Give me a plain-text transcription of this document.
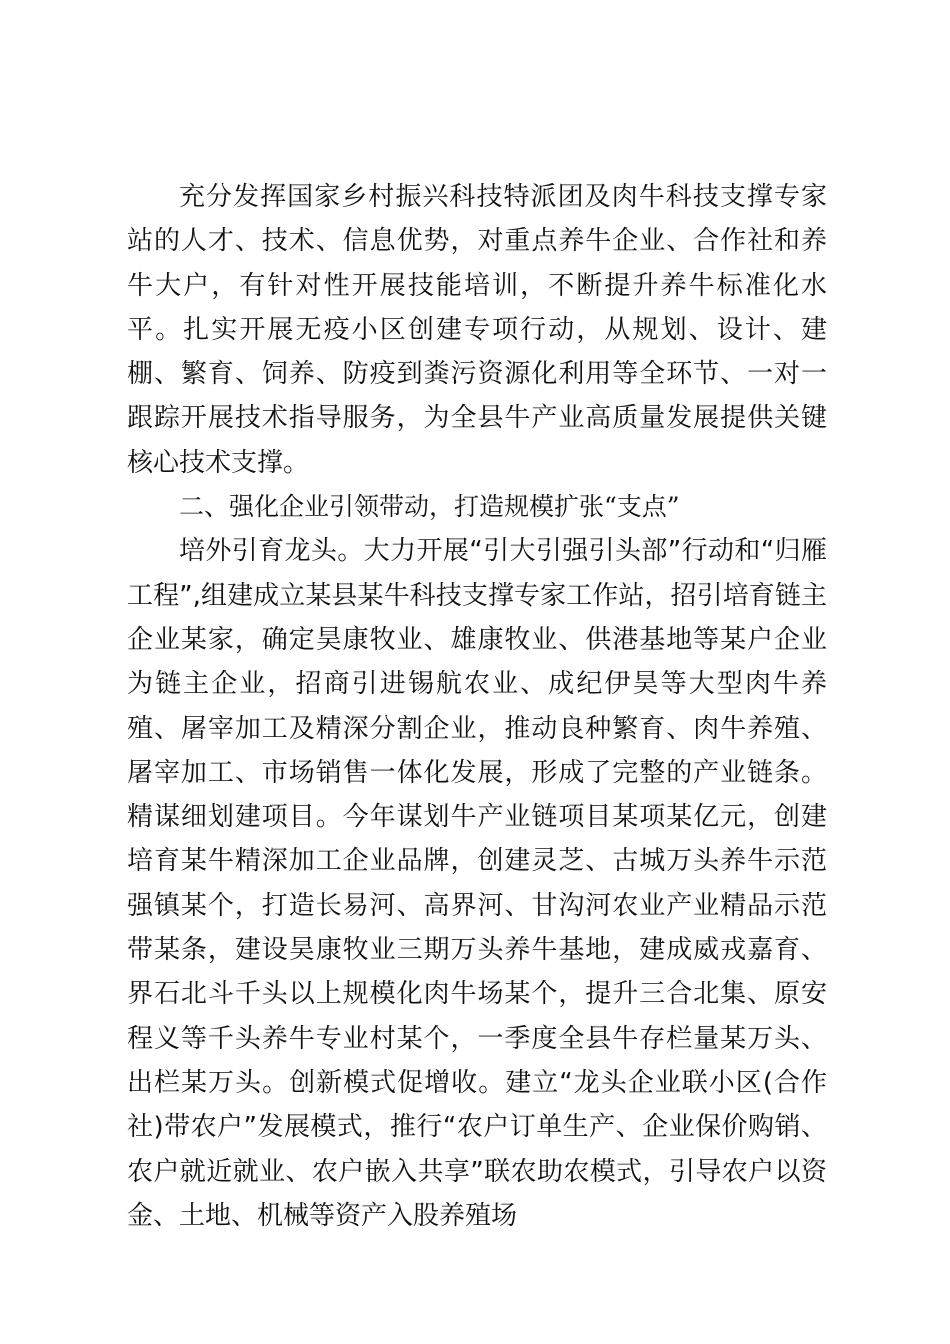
充分发挥国家乡村振兴科技特派团及肉牛科技支撑专家站的人才、技术、信息优势，对重点养牛企业、合作社和养牛大户，有针对性开展技能培训，不断提升养牛标准化水平。扎实开展无疫小区创建专项行动，从规划、设计、建棚、繁育、饲养、防疫到粪污资源化利用等全环节、一对一跟踪开展技术指导服务，为全县牛产业高质量发展提供关键核心技术支撑。

二、强化企业引领带动，打造规模扩张“支点”

培外引育龙头。大力开展“引大引强引头部”行动和“归雁工程”,组建成立某县某牛科技支撑专家工作站，招引培育链主企业某家，确定昊康牧业、雄康牧业、供港基地等某户企业为链主企业，招商引进锡航农业、成纪伊昊等大型肉牛养殖、屠宰加工及精深分割企业，推动良种繁育、肉牛养殖、屠宰加工、市场销售一体化发展，形成了完整的产业链条。精谋细划建项目。今年谋划牛产业链项目某项某亿元，创建培育某牛精深加工企业品牌，创建灵芝、古城万头养牛示范强镇某个，打造长易河、高界河、甘沟河农业产业精品示范带某条，建设昊康牧业三期万头养牛基地，建成威戎嘉育、界石北斗千头以上规模化肉牛场某个，提升三合北集、原安程义等千头养牛专业村某个，一季度全县牛存栏量某万头、出栏某万头。创新模式促增收。建立“龙头企业联小区(合作社)带农户”发展模式，推行“农户订单生产、企业保价购销、农户就近就业、农户嵌入共享”联农助农模式，引导农户以资金、土地、机械等资产入股养殖场
